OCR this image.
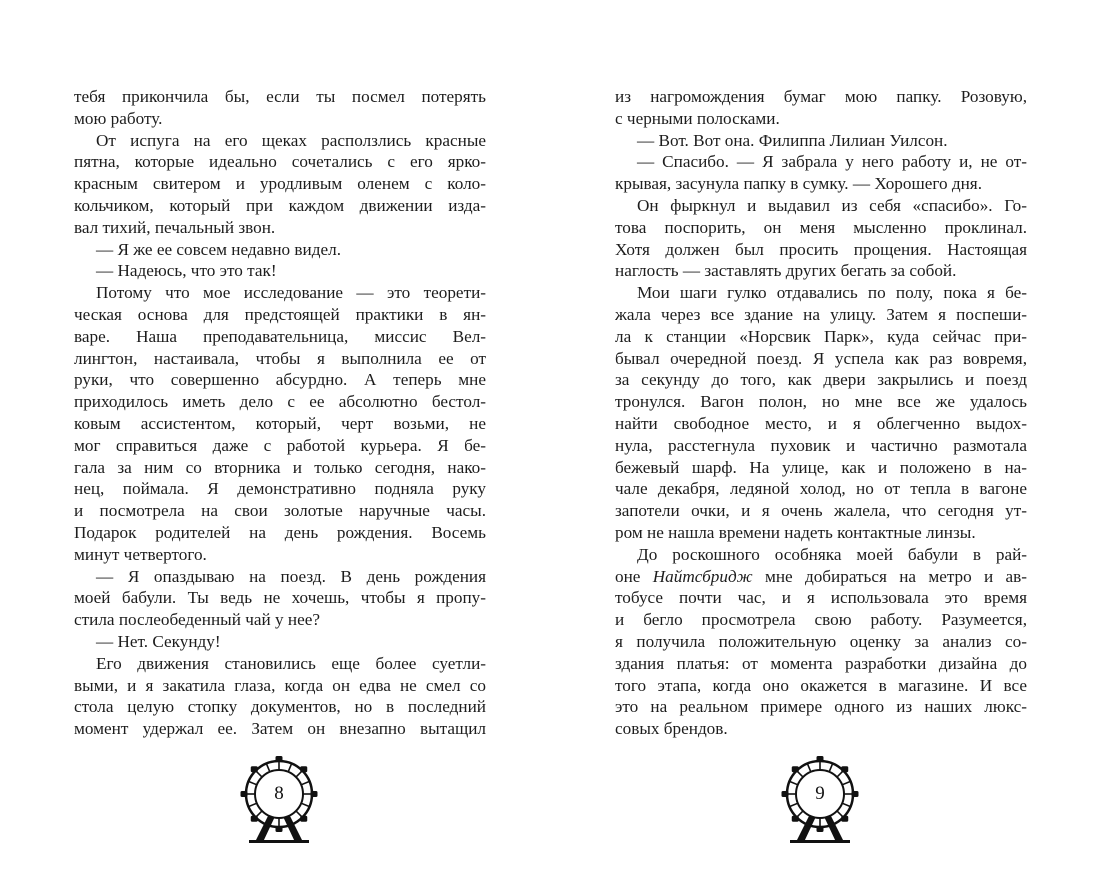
тебя прикончила бы, если ты посмел потерять
мою работу.
От испуга на его щеках расползлись красные
пятна, которые идеально сочетались с его ярко-
красным свитером и уродливым оленем с коло-
кольчиком, который при каждом движении изда-
вал тихий, печальный звон.
— Я же ее совсем недавно видел.
— Надеюсь, что это так!
Потому что мое исследование — это теорети-
ческая основа для предстоящей практики в ян-
варе. Наша преподавательница, миссис Вел-
лингтон, настаивала, чтобы я выполнила ее от
руки, что совершенно абсурдно. А теперь мне
приходилось иметь дело с ее абсолютно бестол-
ковым ассистентом, который, черт возьми, не
мог справиться даже с работой курьера. Я бе-
гала за ним со вторника и только сегодня, нако-
нец, поймала. Я демонстративно подняла руку
и посмотрела на свои золотые наручные часы.
Подарок родителей на день рождения. Восемь
минут четвертого.
— Я опаздываю на поезд. В день рождения
моей бабули. Ты ведь не хочешь, чтобы я пропу-
стила послеобеденный чай у нее?
— Нет. Секунду!
Его движения становились еще более суетли-
выми, и я закатила глаза, когда он едва не смел со
стола целую стопку документов, но в последний
момент удержал ее. Затем он внезапно вытащил
из нагромождения бумаг мою папку. Розовую,
с черными полосками.
— Вот. Вот она. Филиппа Лилиан Уилсон.
— Спасибо. — Я забрала у него работу и, не от-
крывая, засунула папку в сумку. — Хорошего дня.
Он фыркнул и выдавил из себя «спасибо». Го-
това поспорить, он меня мысленно проклинал.
Хотя должен был просить прощения. Настоящая
наглость — заставлять других бегать за собой.
Мои шаги гулко отдавались по полу, пока я бе-
жала через все здание на улицу. Затем я поспеши-
ла к станции «Норсвик Парк», куда сейчас при-
бывал очередной поезд. Я успела как раз вовремя,
за секунду до того, как двери закрылись и поезд
тронулся. Вагон полон, но мне все же удалось
найти свободное место, и я облегченно выдох-
нула, расстегнула пуховик и частично размотала
бежевый шарф. На улице, как и положено в на-
чале декабря, ледяной холод, но от тепла в вагоне
запотели очки, и я очень жалела, что сегодня ут-
ром не нашла времени надеть контактные линзы.
До роскошного особняка моей бабули в рай-
оне Найтсбридж мне добираться на метро и ав-
тобусе почти час, и я использовала это время
и бегло просмотрела свою работу. Разумеется,
я получила положительную оценку за анализ со-
здания платья: от момента разработки дизайна до
того этапа, когда оно окажется в магазине. И все
это на реальном примере одного из наших люкс-
совых брендов.
8	9
